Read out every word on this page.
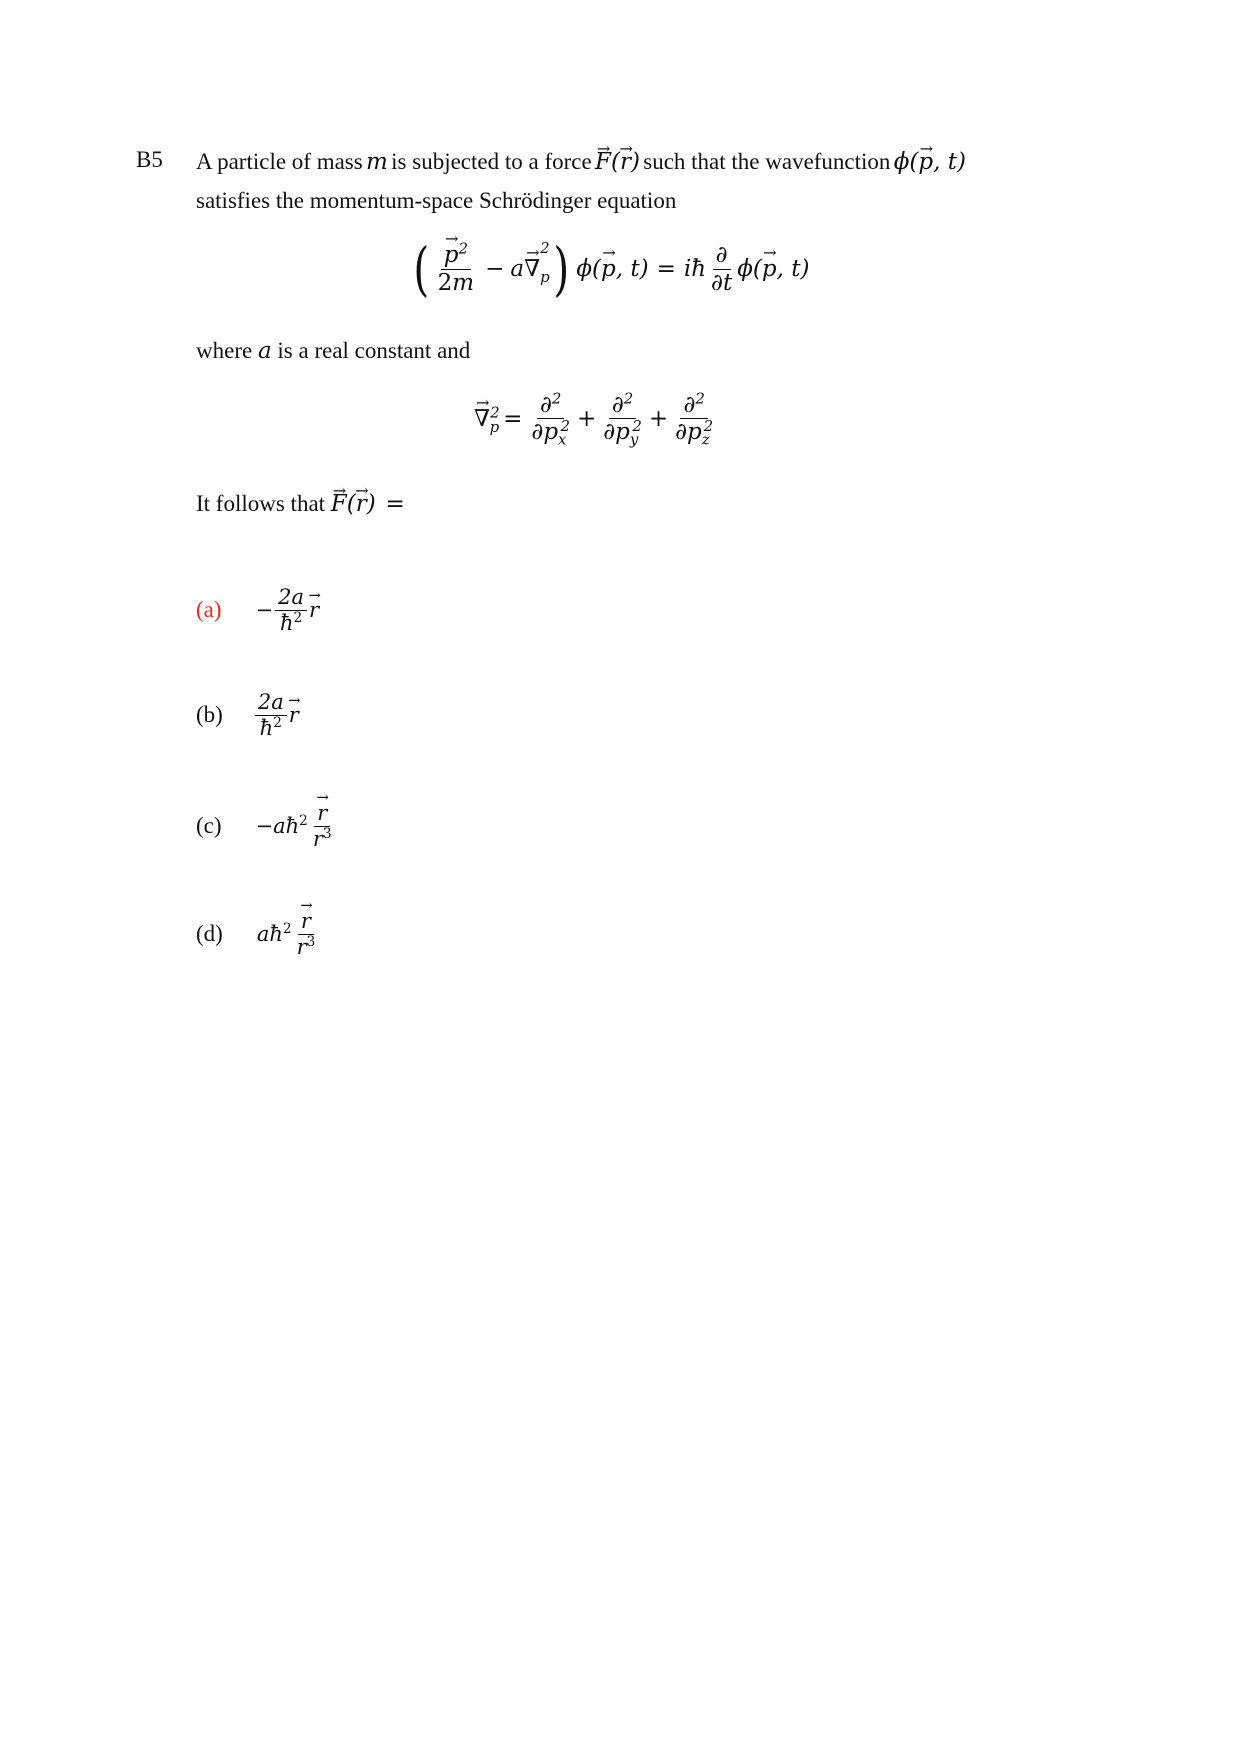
B5 A particle of mass m is subjected to a force F →(r →) such that the wavefunction ϕ(p →, t)
satisfies the momentum-space Schrödinger equation
( $\frac{p \to^2}{2m} - a\nabla$ →
$_{2 p}$ ) ϕ(p →, t) = iħ $\frac{\partial}{\partial t} \phi(p$ →, t)
where a is a real constant and
∇ $\to^2_p = \frac{\partial^2}{\partial p_x^2} + \frac{\partial^2}{\partial p_y^2} + \frac{\partial^2}{\partial p_z^2}$
It follows that F →(r →) =
$(a) - \frac{2a}{ħ^2}$ r →
$(b) \frac{2a}{ħ^2}$ r →
$(c) -aħ^2 \frac{r \to}{r^3}$
(d) $aħ^2 \frac{r \to}{r^3}$
